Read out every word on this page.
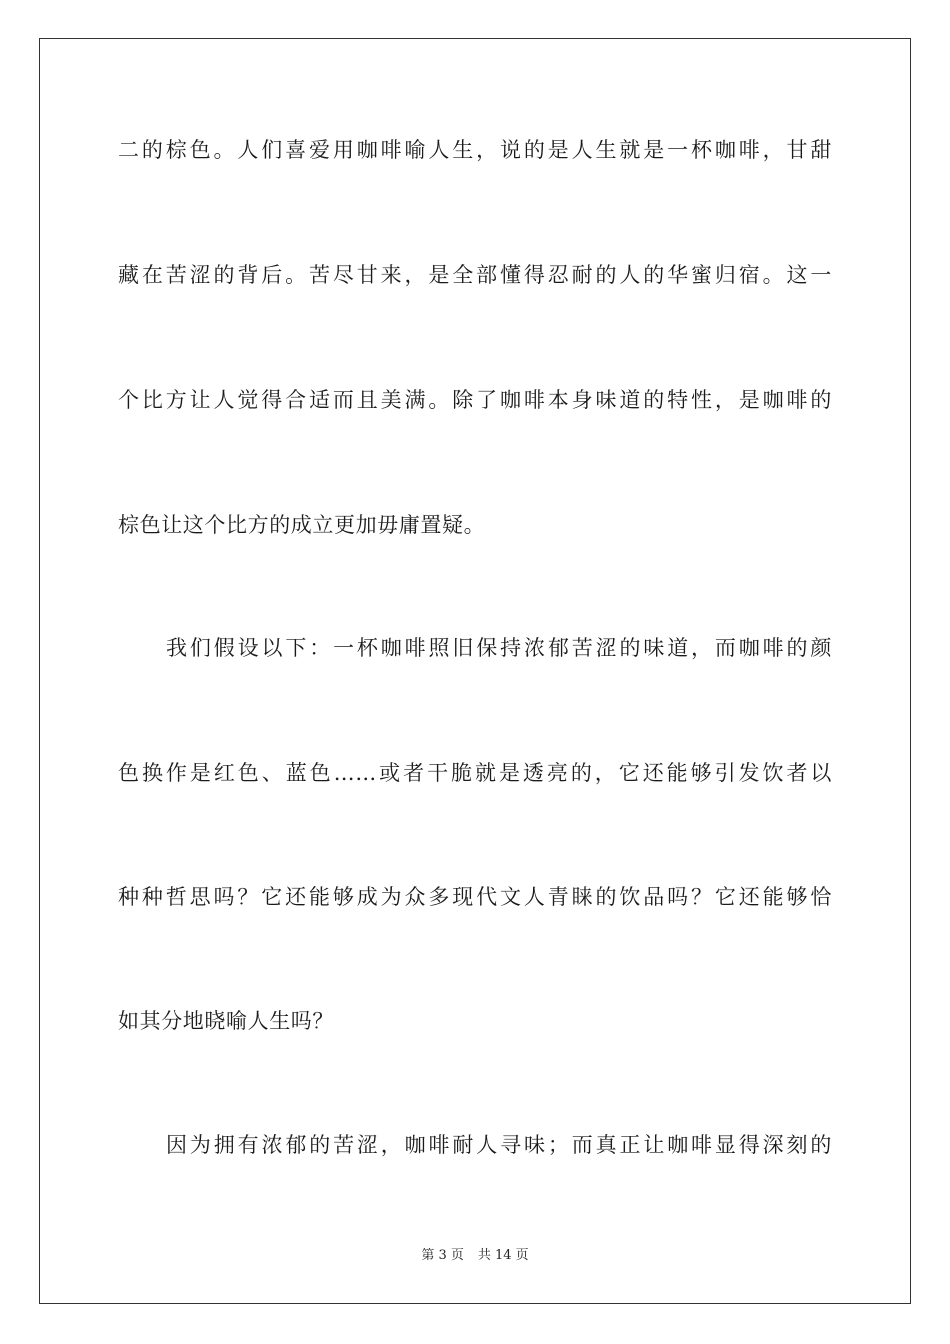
二的棕色。人们喜爱用咖啡喻人生，说的是人生就是一杯咖啡，甘甜
藏在苦涩的背后。苦尽甘来，是全部懂得忍耐的人的华蜜归宿。这一
个比方让人觉得合适而且美满。除了咖啡本身味道的特性，是咖啡的
棕色让这个比方的成立更加毋庸置疑。
我们假设以下：一杯咖啡照旧保持浓郁苦涩的味道，而咖啡的颜
色换作是红色、蓝色……或者干脆就是透亮的，它还能够引发饮者以
种种哲思吗？它还能够成为众多现代文人青睐的饮品吗？它还能够恰
如其分地晓喻人生吗？
因为拥有浓郁的苦涩，咖啡耐人寻味；而真正让咖啡显得深刻的
第 3 页 共 14 页
